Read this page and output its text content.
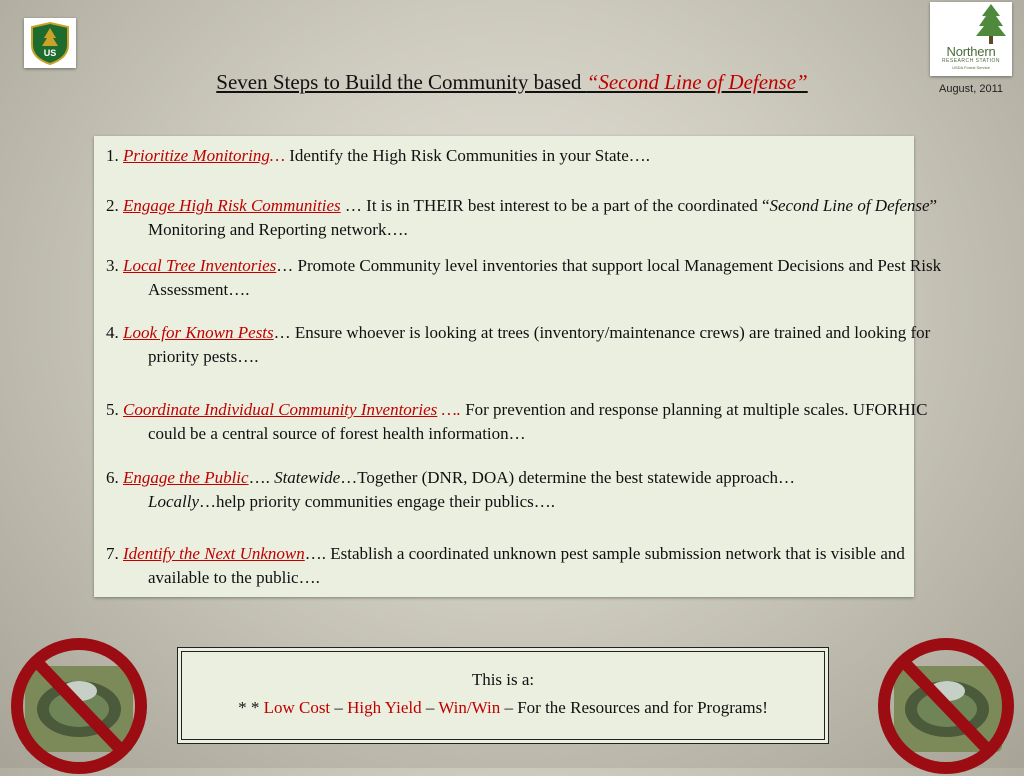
US	Northern
RESEARCH STATION
USDA Forest Service
August, 2011
Seven Steps to Build the Community based “Second Line of Defense”
1. Prioritize Monitoring… Identify the High Risk Communities in your State….
2. Engage High Risk Communities … It is in THEIR best interest to be a part of the coordinated “Second Line of Defense” Monitoring and Reporting network….
3. Local Tree Inventories… Promote Community level inventories that support local Management Decisions and Pest Risk Assessment….
4. Look for Known Pests… Ensure whoever is looking at trees (inventory/maintenance crews) are trained and looking for priority pests….
5. Coordinate Individual Community Inventories …. For prevention and response planning at multiple scales. UFORHIC could be a central source of forest health information…
6. Engage the Public…. Statewide…Together (DNR, DOA) determine the best statewide approach…
Locally…help priority communities engage their publics….
7. Identify the Next Unknown…. Establish a coordinated unknown pest sample submission network that is visible and available to the public….
This is a:
* * Low Cost – High Yield – Win/Win – For the Resources and for Programs!
